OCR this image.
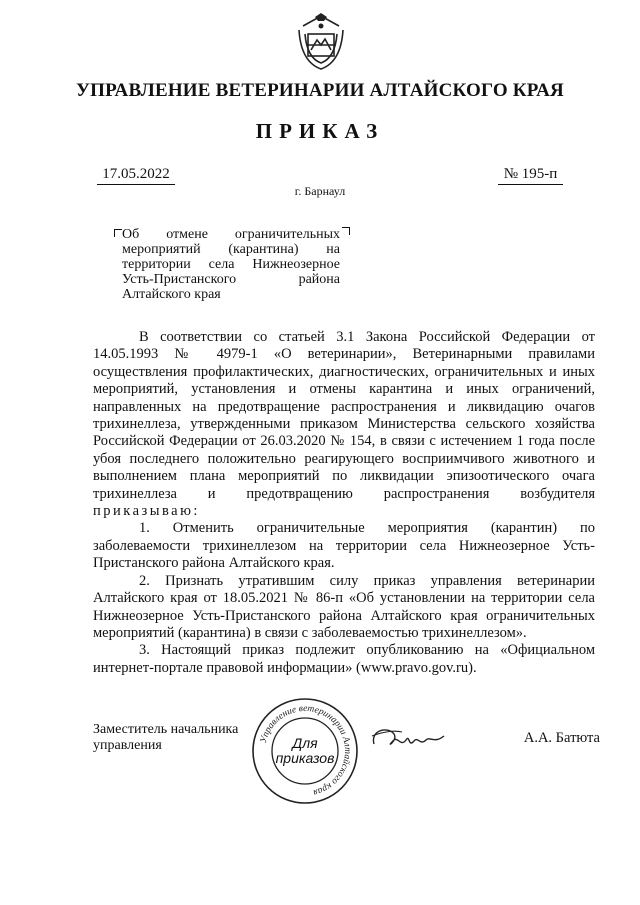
УПРАВЛЕНИЕ ВЕТЕРИНАРИИ АЛТАЙСКОГО КРАЯ
ПРИКАЗ
17.05.2022	№ 195-п
г. Барнаул
Об отмене ограничительных мероприятий (карантина) на территории села Нижнеозерное Усть-Пристанского района Алтайского края

В соответствии со статьей 3.1 Закона Российской Федерации от 14.05.1993 № 4979-1 «О ветеринарии», Ветеринарными правилами осуществления профилактических, диагностических, ограничительных и иных мероприятий, установления и отмены карантина и иных ограничений, направленных на предотвращение распространения и ликвидацию очагов трихинеллеза, утвержденными приказом Министерства сельского хозяйства Российской Федерации от 26.03.2020 № 154, в связи с истечением 1 года после убоя последнего положительно реагирующего восприимчивого животного и выполнением плана мероприятий по ликвидации эпизоотического очага трихинеллеза и предотвращению распространения возбудителя приказываю:

1. Отменить ограничительные мероприятия (карантин) по заболеваемости трихинеллезом на территории села Нижнеозерное Усть-Пристанского района Алтайского края.

2. Признать утратившим силу приказ управления ветеринарии Алтайского края от 18.05.2021 № 86-п «Об установлении на территории села Нижнеозерное Усть-Пристанского района Алтайского края ограничительных мероприятий (карантина) в связи с заболеваемостью трихинеллезом».

3. Настоящий приказ подлежит опубликованию на «Официальном интернет-портале правовой информации» (www.pravo.gov.ru).

Заместитель начальника управления	Управление ветеринарии Алтайского края
Для
приказов
А.А. Батюта
